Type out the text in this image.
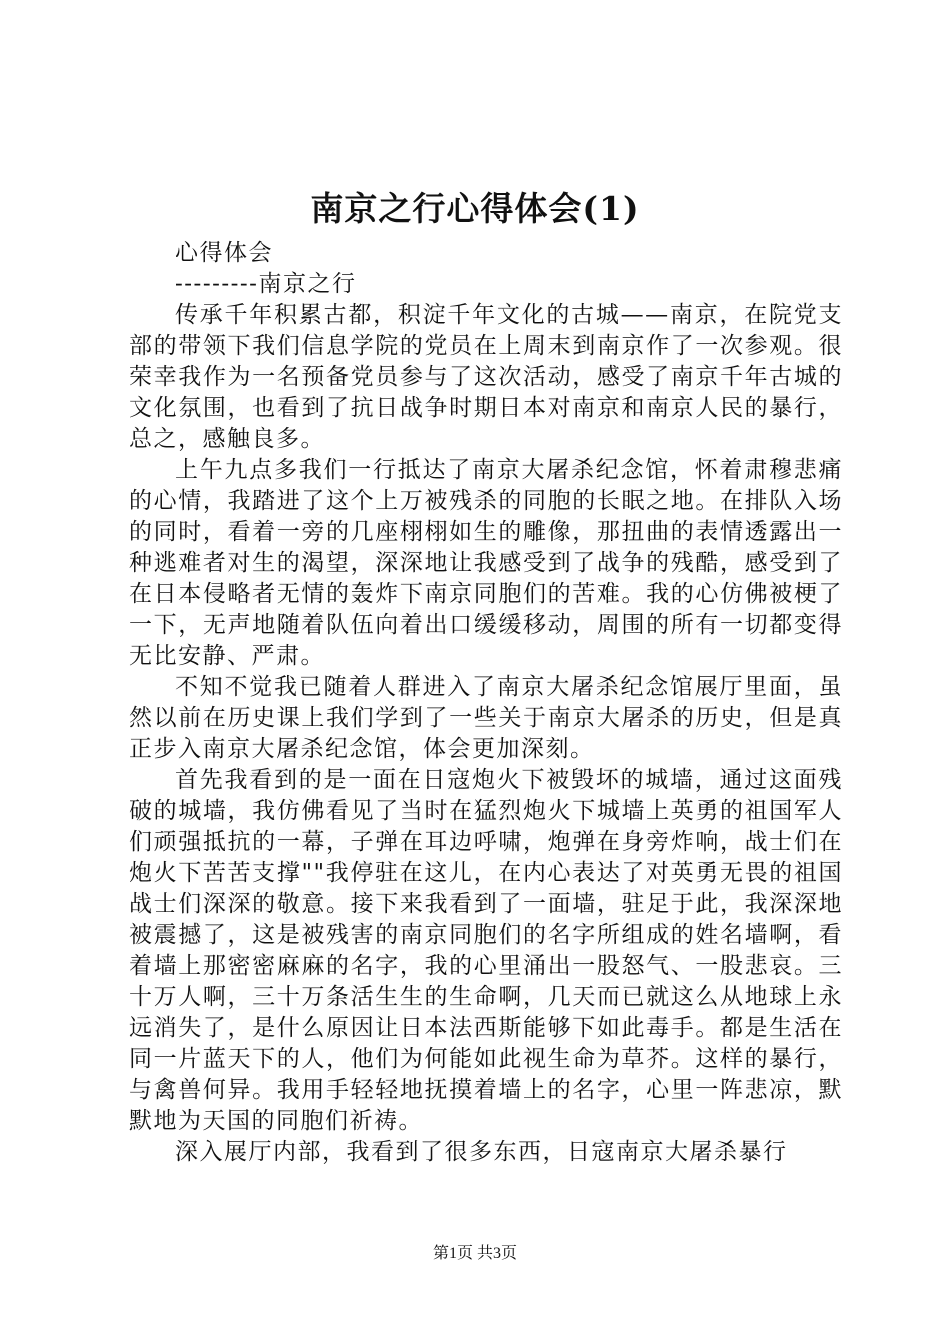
南京之行心得体会(1)

心得体会

---------南京之行

传承千年积累古都，积淀千年文化的古城——南京，在院党支部的带领下我们信息学院的党员在上周末到南京作了一次参观。很荣幸我作为一名预备党员参与了这次活动，感受了南京千年古城的文化氛围，也看到了抗日战争时期日本对南京和南京人民的暴行，总之，感触良多。

上午九点多我们一行抵达了南京大屠杀纪念馆，怀着肃穆悲痛的心情，我踏进了这个上万被残杀的同胞的长眠之地。在排队入场的同时，看着一旁的几座栩栩如生的雕像，那扭曲的表情透露出一种逃难者对生的渴望，深深地让我感受到了战争的残酷，感受到了在日本侵略者无情的轰炸下南京同胞们的苦难。我的心仿佛被梗了一下，无声地随着队伍向着出口缓缓移动，周围的所有一切都变得无比安静、严肃。

不知不觉我已随着人群进入了南京大屠杀纪念馆展厅里面，虽然以前在历史课上我们学到了一些关于南京大屠杀的历史，但是真正步入南京大屠杀纪念馆，体会更加深刻。

首先我看到的是一面在日寇炮火下被毁坏的城墙，通过这面残破的城墙，我仿佛看见了当时在猛烈炮火下城墙上英勇的祖国军人们顽强抵抗的一幕，子弹在耳边呼啸，炮弹在身旁炸响，战士们在炮火下苦苦支撑""我停驻在这儿，在内心表达了对英勇无畏的祖国战士们深深的敬意。接下来我看到了一面墙，驻足于此，我深深地被震撼了，这是被残害的南京同胞们的名字所组成的姓名墙啊，看着墙上那密密麻麻的名字，我的心里涌出一股怒气、一股悲哀。三十万人啊，三十万条活生生的生命啊，几天而已就这么从地球上永远消失了，是什么原因让日本法西斯能够下如此毒手。都是生活在同一片蓝天下的人，他们为何能如此视生命为草芥。这样的暴行，与禽兽何异。我用手轻轻地抚摸着墙上的名字，心里一阵悲凉，默默地为天国的同胞们祈祷。

深入展厅内部，我看到了很多东西，日寇南京大屠杀暴行

第1页 共3页
